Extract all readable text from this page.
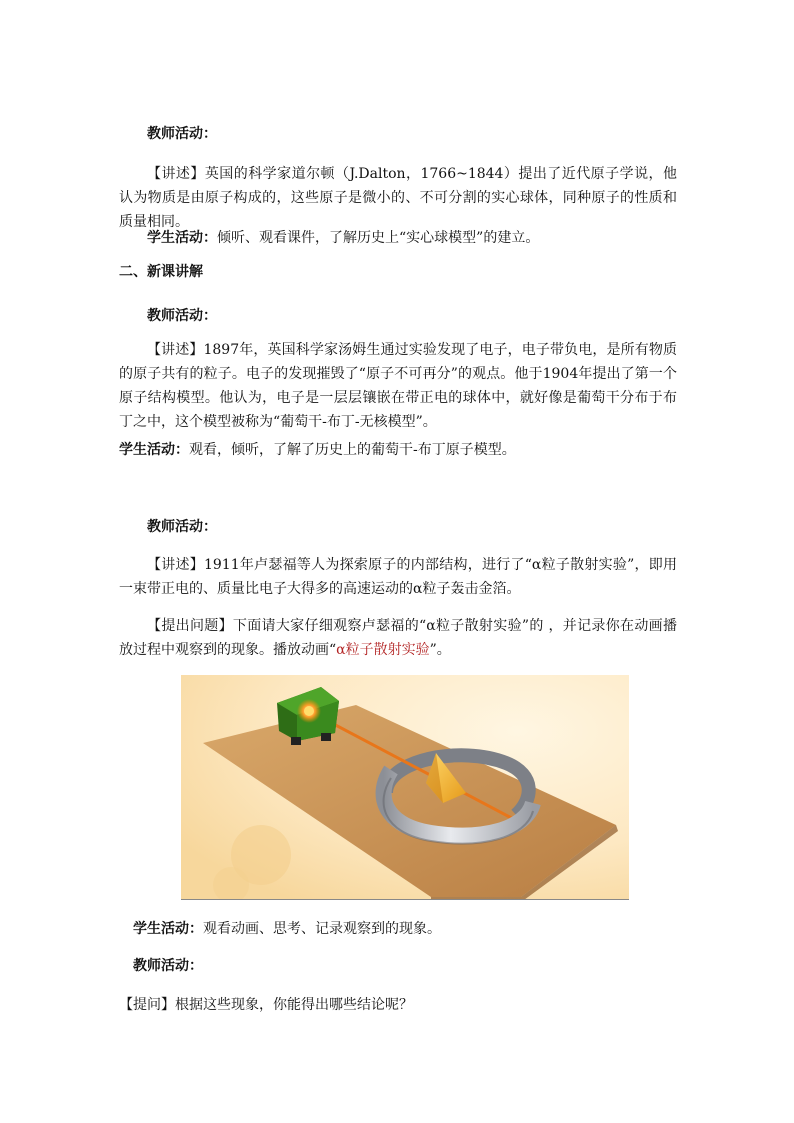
教师活动：
【讲述】英国的科学家道尔顿（J.Dalton，1766~1844）提出了近代原子学说，他认为物质是由原子构成的，这些原子是微小的、不可分割的实心球体，同种原子的性质和质量相同。
学生活动：倾听、观看课件，了解历史上“实心球模型”的建立。
二、新课讲解
教师活动：
【讲述】1897年，英国科学家汤姆生通过实验发现了电子，电子带负电，是所有物质的原子共有的粒子。电子的发现摧毁了“原子不可再分”的观点。他于1904年提出了第一个原子结构模型。他认为，电子是一层层镶嵌在带正电的球体中，就好像是葡萄干分布于布丁之中，这个模型被称为“葡萄干-布丁-无核模型”。
学生活动：观看，倾听，了解了历史上的葡萄干-布丁原子模型。
教师活动：
【讲述】1911年卢瑟福等人为探索原子的内部结构，进行了“α粒子散射实验”，即用一束带正电的、质量比电子大得多的高速运动的α粒子轰击金箔。
【提出问题】下面请大家仔细观察卢瑟福的“α粒子散射实验”的 ，并记录你在动画播放过程中观察到的现象。播放动画“α粒子散射实验”。
学生活动：观看动画、思考、记录观察到的现象。
教师活动：
【提问】根据这些现象，你能得出哪些结论呢？
